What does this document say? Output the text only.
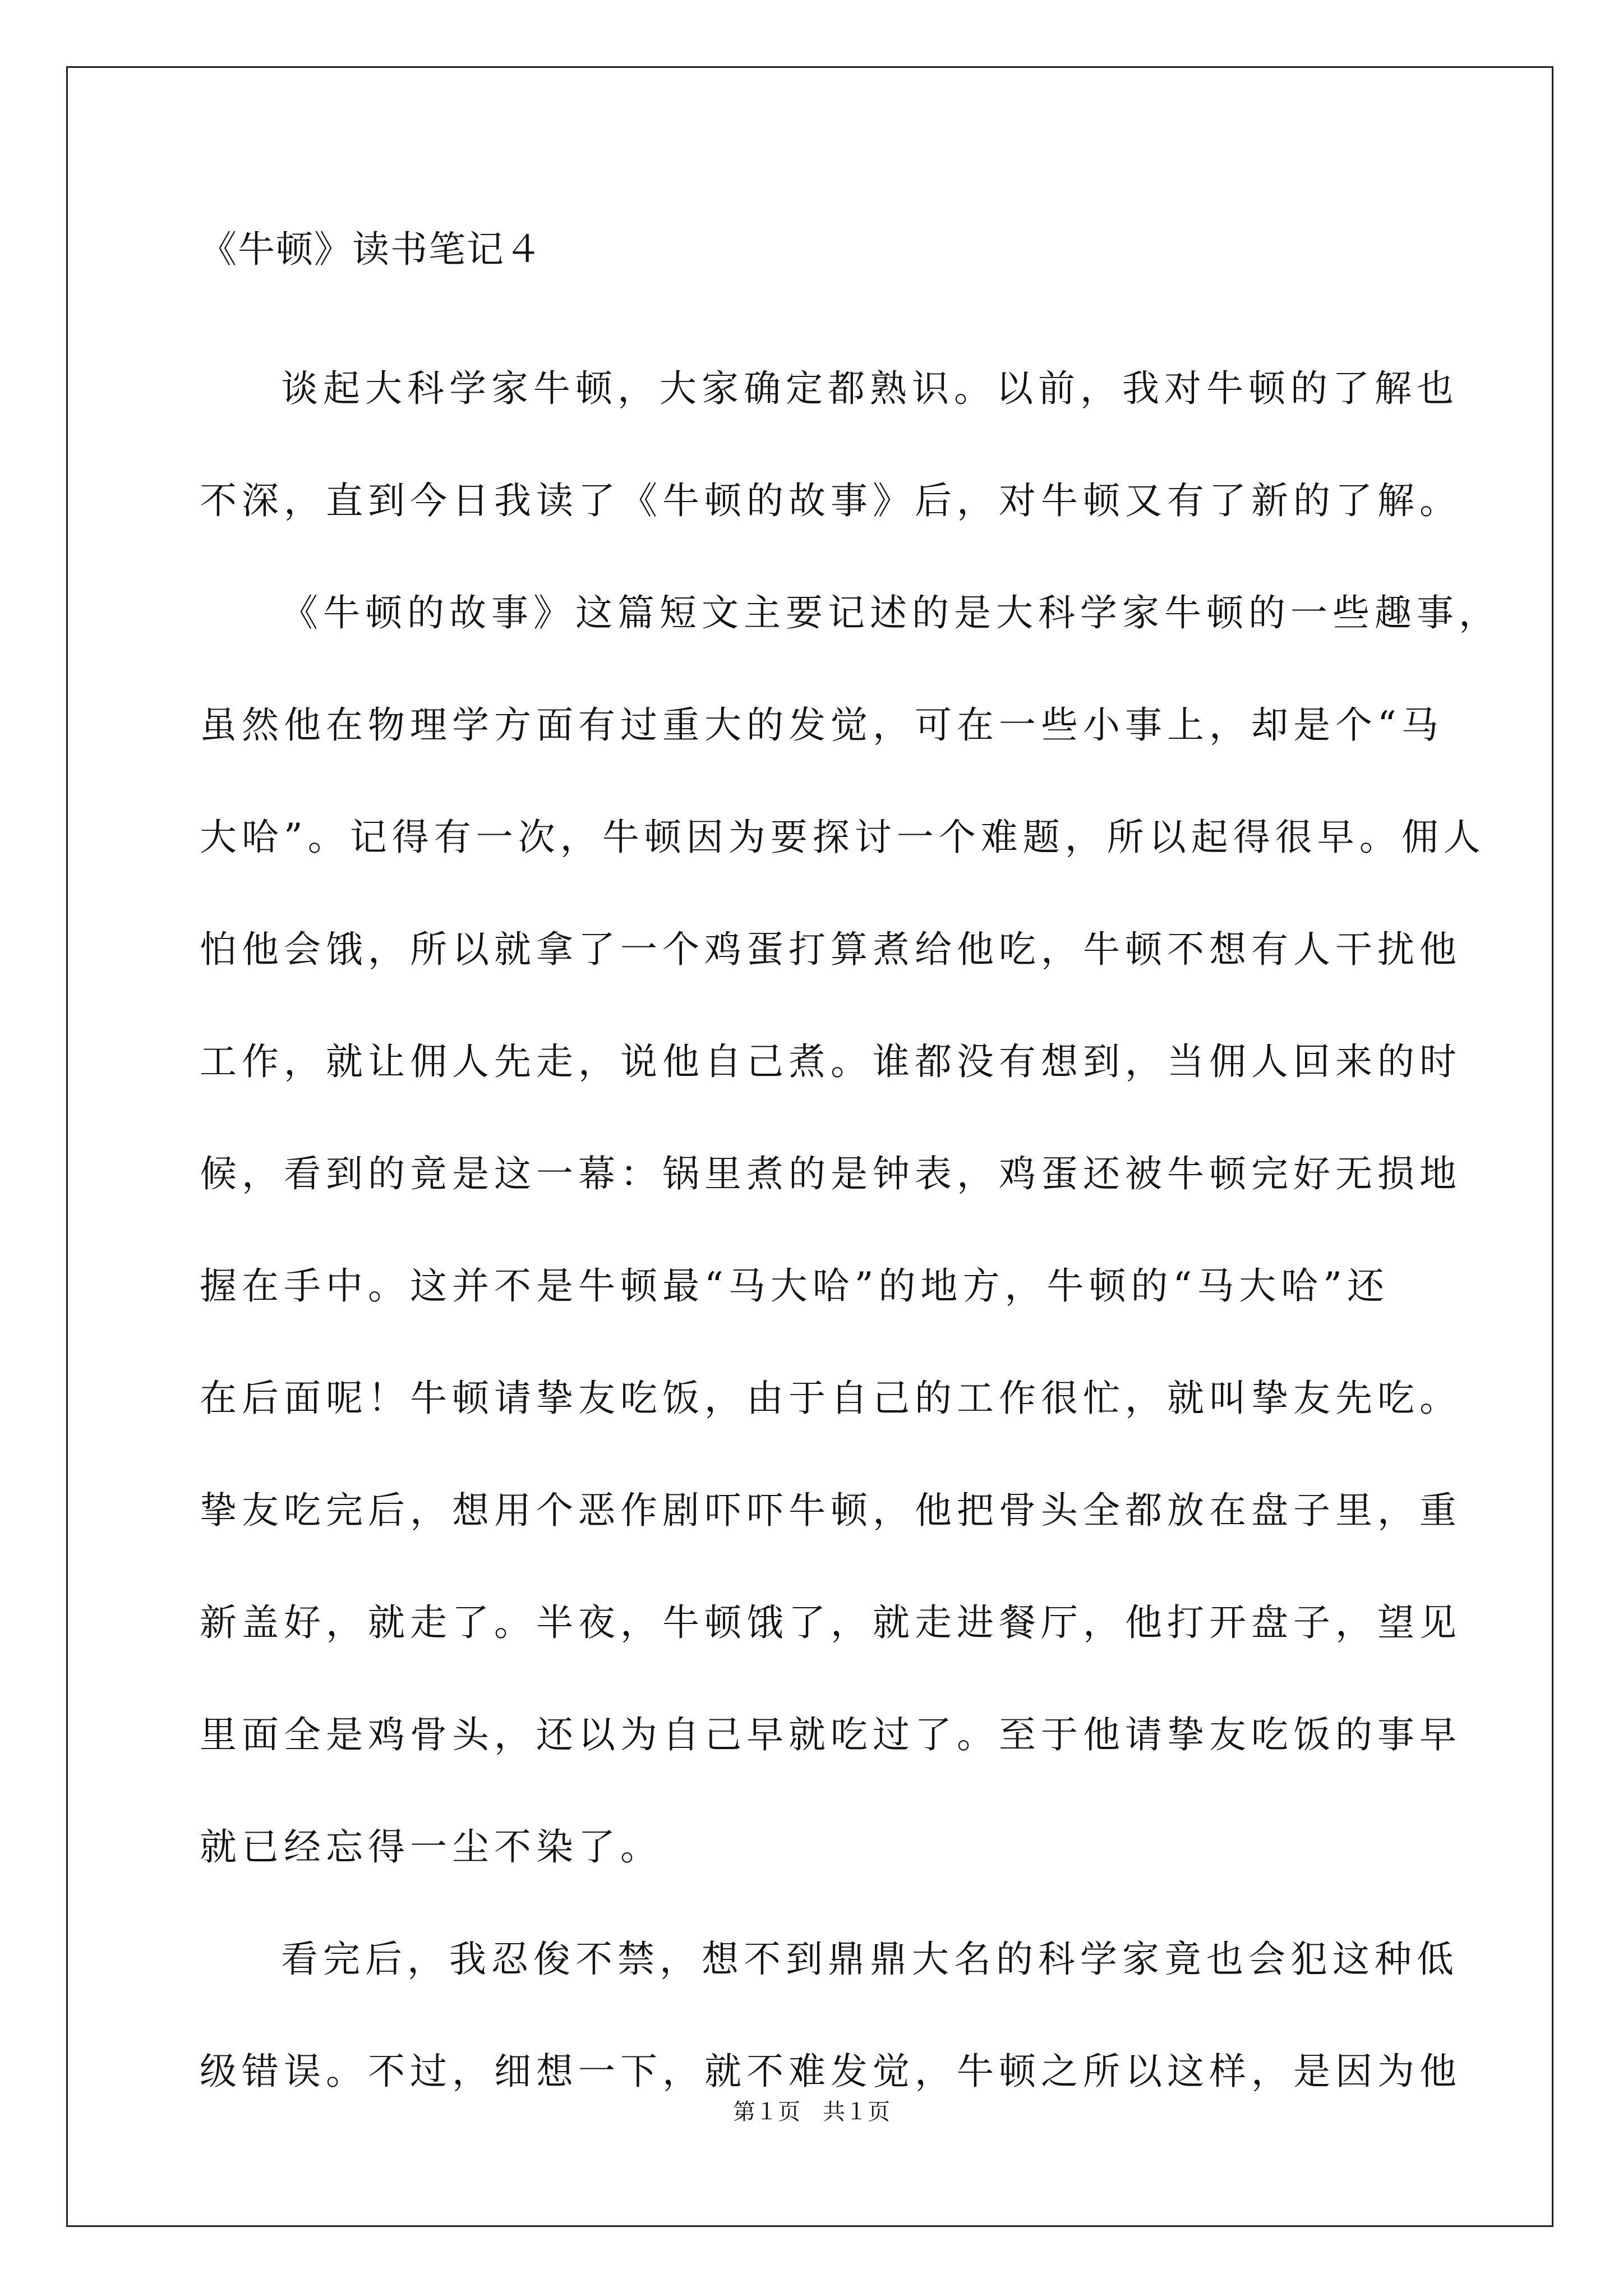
《牛顿》读书笔记４
谈起大科学家牛顿，大家确定都熟识。以前，我对牛顿的了解也
不深，直到今日我读了《牛顿的故事》后，对牛顿又有了新的了解。
《牛顿的故事》这篇短文主要记述的是大科学家牛顿的一些趣事，
虽然他在物理学方面有过重大的发觉，可在一些小事上，却是个“马
大哈”。记得有一次，牛顿因为要探讨一个难题，所以起得很早。佣人
怕他会饿，所以就拿了一个鸡蛋打算煮给他吃，牛顿不想有人干扰他
工作，就让佣人先走，说他自己煮。谁都没有想到，当佣人回来的时
候，看到的竟是这一幕：锅里煮的是钟表，鸡蛋还被牛顿完好无损地
握在手中。这并不是牛顿最“马大哈”的地方，牛顿的“马大哈”还
在后面呢！牛顿请挚友吃饭，由于自己的工作很忙，就叫挚友先吃。
挚友吃完后，想用个恶作剧吓吓牛顿，他把骨头全都放在盘子里，重
新盖好，就走了。半夜，牛顿饿了，就走进餐厅，他打开盘子，望见
里面全是鸡骨头，还以为自己早就吃过了。至于他请挚友吃饭的事早
就已经忘得一尘不染了。
看完后，我忍俊不禁，想不到鼎鼎大名的科学家竟也会犯这种低
级错误。不过，细想一下，就不难发觉，牛顿之所以这样，是因为他
第１页　共１页
